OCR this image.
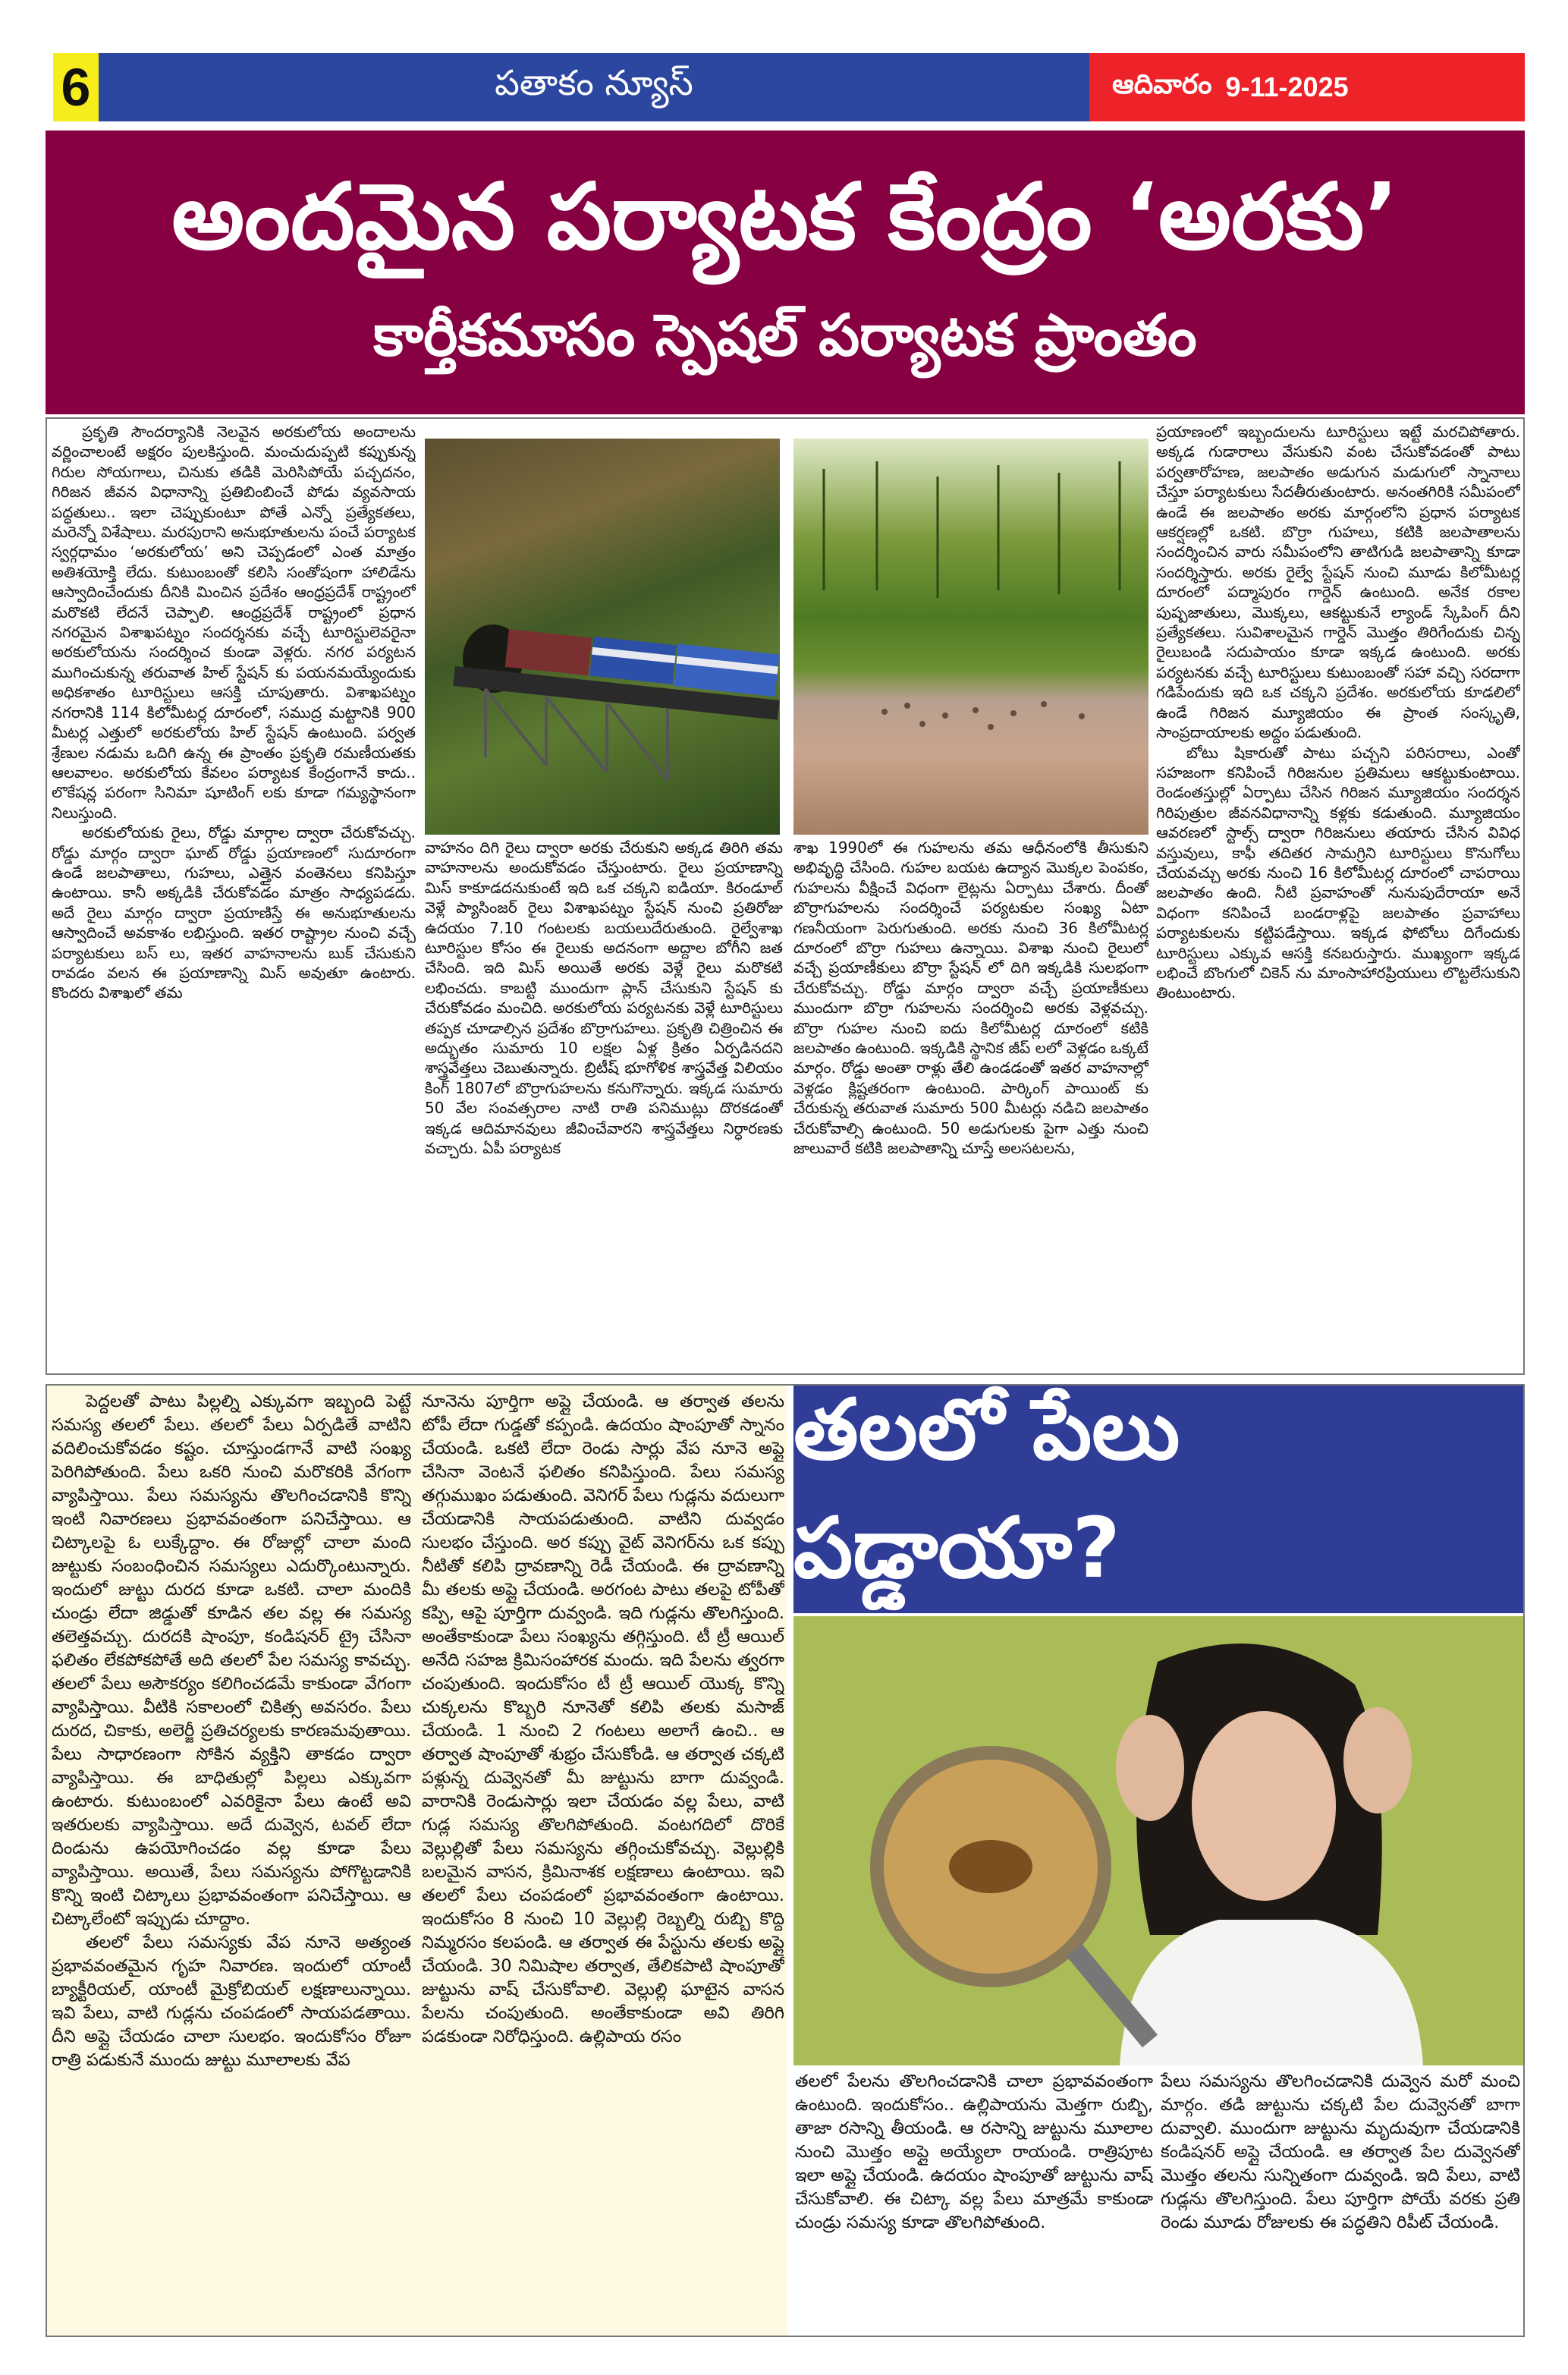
6	పతాకం న్యూస్	ఆదివారం 9-11-2025
అందమైన పర్యాటక కేంద్రం ‘అరకు’
కార్తీకమాసం స్పెషల్ పర్యాటక ప్రాంతం

ప్రకృతి సౌందర్యానికి నెలవైన అరకులోయ అందాలను వర్ణించాలంటే అక్షరం పులకిస్తుంది. మంచుదుప్పటి కప్పుకున్న గిరుల సోయగాలు, చినుకు తడికి మెరిసిపోయే పచ్చదనం, గిరిజన జీవన విధానాన్ని ప్రతిబింబించే పోడు వ్యవసాయ పద్ధతులు.. ఇలా చెప్పుకుంటూ పోతే ఎన్నో ప్రత్యేకతలు, మరెన్నో విశేషాలు. మరపురాని అనుభూతులను పంచే పర్యాటక స్వర్గధామం ‘అరకులోయ’ అని చెప్పడంలో ఎంత మాత్రం అతిశయోక్తి లేదు. కుటుంబంతో కలిసి సంతోషంగా హాలిడేను ఆస్వాదించేందుకు దీనికి మించిన ప్రదేశం ఆంధ్రప్రదేశ్ రాష్ట్రంలో మరొకటి లేదనే చెప్పాలి. ఆంధ్రప్రదేశ్ రాష్ట్రంలో ప్రధాన నగరమైన విశాఖపట్నం సందర్శనకు వచ్చే టూరిస్టులెవరైనా అరకులోయను సందర్శించ కుండా వెళ్లరు. నగర పర్యటన ముగించుకున్న తరువాత హిల్ స్టేషన్ కు పయనమయ్యేందుకు అధికశాతం టూరిస్టులు ఆసక్తి చూపుతారు. విశాఖపట్నం నగరానికి 114 కిలోమీటర్ల దూరంలో, సముద్ర మట్టానికి 900 మీటర్ల ఎత్తులో అరకులోయ హిల్ స్టేషన్ ఉంటుంది. పర్వత శ్రేణుల నడుమ ఒదిగి ఉన్న ఈ ప్రాంతం ప్రకృతి రమణీయతకు ఆలవాలం. అరకులోయ కేవలం పర్యాటక కేంద్రంగానే కాదు.. లొకేషన్ల పరంగా సినిమా షూటింగ్ లకు కూడా గమ్యస్థానంగా నిలుస్తుంది.

అరకులోయకు రైలు, రోడ్డు మార్గాల ద్వారా చేరుకోవచ్చు. రోడ్డు మార్గం ద్వారా ఘాట్ రోడ్డు ప్రయాణంలో సుదూరంగా ఉండే జలపాతాలు, గుహలు, ఎత్తైన వంతెనలు కనిపిస్తూ ఉంటాయి. కానీ అక్కడికి చేరుకోవడం మాత్రం సాధ్యపడదు. అదే రైలు మార్గం ద్వారా ప్రయాణిస్తే ఈ అనుభూతులను ఆస్వాదించే అవకాశం లభిస్తుంది. ఇతర రాష్ట్రాల నుంచి వచ్చే పర్యాటకులు బస్ లు, ఇతర వాహనాలను బుక్ చేసుకుని రావడం వలన ఈ ప్రయాణాన్ని మిస్ అవుతూ ఉంటారు. కొందరు విశాఖలో తమ

వాహనం దిగి రైలు ద్వారా అరకు చేరుకుని అక్కడ తిరిగి తమ వాహనాలను అందుకోవడం చేస్తుంటారు. రైలు ప్రయాణాన్ని మిస్ కాకూడదనుకుంటే ఇది ఒక చక్కని ఐడియా. కిరండూల్ వెళ్లే ప్యాసింజర్ రైలు విశాఖపట్నం స్టేషన్ నుంచి ప్రతిరోజు ఉదయం 7.10 గంటలకు బయలుదేరుతుంది. రైల్వేశాఖ టూరిస్టుల కోసం ఈ రైలుకు అదనంగా అద్దాల బోగీని జత చేసింది. ఇది మిస్ అయితే అరకు వెళ్లే రైలు మరొకటి లభించదు. కాబట్టి ముందుగా ప్లాన్ చేసుకుని స్టేషన్ కు చేరుకోవడం మంచిది. అరకులోయ పర్యటనకు వెళ్లే టూరిస్టులు తప్పక చూడాల్సిన ప్రదేశం బొర్రాగుహలు. ప్రకృతి చిత్రించిన ఈ అద్భుతం సుమారు 10 లక్షల ఏళ్ల క్రితం ఏర్పడినదని శాస్త్రవేత్తలు చెబుతున్నారు. బ్రిటీష్ భూగోళిక శాస్త్రవేత్త విలియం కింగ్ 1807లో బొర్రాగుహలను కనుగొన్నారు. ఇక్కడ సుమారు 50 వేల సంవత్సరాల నాటి రాతి పనిముట్లు దొరకడంతో ఇక్కడ ఆదిమానవులు జీవించేవారని శాస్త్రవేత్తలు నిర్ధారణకు వచ్చారు. ఏపీ పర్యాటక
శాఖ 1990లో ఈ గుహలను తమ ఆధీనంలోకి తీసుకుని అభివృద్ధి చేసింది. గుహల బయట ఉద్యాన మొక్కల పెంపకం, గుహలను వీక్షించే విధంగా లైట్లను ఏర్పాటు చేశారు. దీంతో బొర్రాగుహలను సందర్శించే పర్యటకుల సంఖ్య ఏటా గణనీయంగా పెరుగుతుంది. అరకు నుంచి 36 కిలోమీటర్ల దూరంలో బొర్రా గుహలు ఉన్నాయి. విశాఖ నుంచి రైలులో వచ్చే ప్రయాణీకులు బొర్రా స్టేషన్ లో దిగి ఇక్కడికి సులభంగా చేరుకోవచ్చు. రోడ్డు మార్గం ద్వారా వచ్చే ప్రయాణీకులు ముందుగా బొర్రా గుహలను సందర్శించి అరకు వెళ్లవచ్చు. బొర్రా గుహల నుంచి ఐదు కిలోమీటర్ల దూరంలో కటికి జలపాతం ఉంటుంది. ఇక్కడికి స్థానిక జీప్ లలో వెళ్లడం ఒక్కటే మార్గం. రోడ్డు అంతా రాళ్లు తేలి ఉండడంతో ఇతర వాహనాల్లో వెళ్లడం క్లిష్టతరంగా ఉంటుంది. పార్కింగ్ పాయింట్ కు చేరుకున్న తరువాత సుమారు 500 మీటర్లు నడిచి జలపాతం చేరుకోవాల్సి ఉంటుంది. 50 అడుగులకు పైగా ఎత్తు నుంచి జాలువారే కటికి జలపాతాన్ని చూస్తే అలసటలను,
ప్రయాణంలో ఇబ్బందులను టూరిస్టులు ఇట్టే మరచిపోతారు. అక్కడ గుడారాలు వేసుకుని వంట చేసుకోవడంతో పాటు పర్వతారోహణ, జలపాతం అడుగున మడుగులో స్నానాలు చేస్తూ పర్యాటకులు సేదతీరుతుంటారు. అనంతగిరికి సమీపంలో ఉండే ఈ జలపాతం అరకు మార్గంలోని ప్రధాన పర్యాటక ఆకర్షణల్లో ఒకటి. బొర్రా గుహలు, కటికి జలపాతాలను సందర్శించిన వారు సమీపంలోని తాటిగుడి జలపాతాన్ని కూడా సందర్శిస్తారు. అరకు రైల్వే స్టేషన్ నుంచి మూడు కిలోమీటర్ల దూరంలో పద్మాపురం గార్డెన్ ఉంటుంది. అనేక రకాల పుష్పజాతులు, మొక్కలు, ఆకట్టుకునే ల్యాండ్ స్కేపింగ్ దీని ప్రత్యేకతలు. సువిశాలమైన గార్డెన్ మొత్తం తిరిగేందుకు చిన్న రైలుబండి సదుపాయం కూడా ఇక్కడ ఉంటుంది. అరకు పర్యటనకు వచ్చే టూరిస్టులు కుటుంబంతో సహా వచ్చి సరదాగా గడిపేందుకు ఇది ఒక చక్కని ప్రదేశం. అరకులోయ కూడలిలో ఉండే గిరిజన మ్యూజియం ఈ ప్రాంత సంస్కృతి, సాంప్రదాయాలకు అద్దం పడుతుంది.

బోటు షికారుతో పాటు పచ్చని పరిసరాలు, ఎంతో సహజంగా కనిపించే గిరిజనుల ప్రతిమలు ఆకట్టుకుంటాయి. రెండంతస్తుల్లో ఏర్పాటు చేసిన గిరిజన మ్యూజియం సందర్శన గిరిపుత్రుల జీవనవిధానాన్ని కళ్లకు కడుతుంది. మ్యూజియం ఆవరణలో స్టాల్స్ ద్వారా గిరిజనులు తయారు చేసిన వివిధ వస్తువులు, కాఫీ తదితర సామగ్రిని టూరిస్టులు కొనుగోలు చేయవచ్చు అరకు నుంచి 16 కిలోమీటర్ల దూరంలో చాపరాయి జలపాతం ఉంది. నీటి ప్రవాహంతో నునుపుదేరాయా అనే విధంగా కనిపించే బండరాళ్లపై జలపాతం ప్రవాహాలు పర్యాటకులను కట్టిపడేస్తాయి. ఇక్కడ ఫోటోలు దిగేందుకు టూరిస్టులు ఎక్కువ ఆసక్తి కనబరుస్తారు. ముఖ్యంగా ఇక్కడ లభించే బొంగులో చికెన్ ను మాంసాహారప్రియులు లొట్టలేసుకుని తింటుంటారు.

పెద్దలతో పాటు పిల్లల్ని ఎక్కువగా ఇబ్బంది పెట్టే సమస్య తలలో పేలు. తలలో పేలు ఏర్పడితే వాటిని వదిలించుకోవడం కష్టం. చూస్తుండగానే వాటి సంఖ్య పెరిగిపోతుంది. పేలు ఒకరి నుంచి మరొకరికి వేగంగా వ్యాపిస్తాయి. పేలు సమస్యను తొలగించడానికి కొన్ని ఇంటి నివారణలు ప్రభావవంతంగా పనిచేస్తాయి. ఆ చిట్కాలపై ఓ లుక్కేద్దాం. ఈ రోజుల్లో చాలా మంది జుట్టుకు సంబంధించిన సమస్యలు ఎదుర్కొంటున్నారు. ఇందులో జుట్టు దురద కూడా ఒకటి. చాలా మందికి చుండ్రు లేదా జిడ్డుతో కూడిన తల వల్ల ఈ సమస్య తలెత్తవచ్చు. దురదకి షాంపూ, కండిషనర్ ట్రై చేసినా ఫలితం లేకపోకపోతే అది తలలో పేల సమస్య కావచ్చు. తలలో పేలు అసౌకర్యం కలిగించడమే కాకుండా వేగంగా వ్యాపిస్తాయి. వీటికి సకాలంలో చికిత్స అవసరం. పేలు దురద, చికాకు, అలెర్జీ ప్రతిచర్యలకు కారణమవుతాయి. పేలు సాధారణంగా సోకిన వ్యక్తిని తాకడం ద్వారా వ్యాపిస్తాయి. ఈ బాధితుల్లో పిల్లలు ఎక్కువగా ఉంటారు. కుటుంబంలో ఎవరికైనా పేలు ఉంటే అవి ఇతరులకు వ్యాపిస్తాయి. అదే దువ్వెన, టవల్ లేదా దిండును ఉపయోగించడం వల్ల కూడా పేలు వ్యాపిస్తాయి. అయితే, పేలు సమస్యను పోగొట్టడానికి కొన్ని ఇంటి చిట్కాలు ప్రభావవంతంగా పనిచేస్తాయి. ఆ చిట్కాలేంటో ఇప్పుడు చూద్దాం.

తలలో పేలు సమస్యకు వేప నూనె అత్యంత ప్రభావవంతమైన గృహ నివారణ. ఇందులో యాంటీ బ్యాక్టీరియల్, యాంటీ మైక్రోబియల్ లక్షణాలున్నాయి. ఇవి పేలు, వాటి గుడ్లను చంపడంలో సాయపడతాయి. దీని అప్లై చేయడం చాలా సులభం. ఇందుకోసం రోజూ రాత్రి పడుకునే ముందు జుట్టు మూలాలకు వేప

నూనెను పూర్తిగా అప్లై చేయండి. ఆ తర్వాత తలను టోపీ లేదా గుడ్డతో కప్పండి. ఉదయం షాంపూతో స్నానం చేయండి. ఒకటి లేదా రెండు సార్లు వేప నూనె అప్లై చేసినా వెంటనే ఫలితం కనిపిస్తుంది. పేలు సమస్య తగ్గుముఖం పడుతుంది. వెనిగర్ పేలు గుడ్లను వదులుగా చేయడానికి సాయపడుతుంది. వాటిని దువ్వడం సులభం చేస్తుంది. అర కప్పు వైట్ వెనిగర్‌ను ఒక కప్పు నీటితో కలిపి ద్రావణాన్ని రెడీ చేయండి. ఈ ద్రావణాన్ని మీ తలకు అప్లై చేయండి. అరగంట పాటు తలపై టోపీతో కప్పి, ఆపై పూర్తిగా దువ్వండి. ఇది గుడ్లను తొలగిస్తుంది. అంతేకాకుండా పేలు సంఖ్యను తగ్గిస్తుంది. టీ ట్రీ ఆయిల్ అనేది సహజ క్రిమిసంహారక మందు. ఇది పేలను త్వరగా చంపుతుంది. ఇందుకోసం టీ ట్రీ ఆయిల్ యొక్క కొన్ని చుక్కలను కొబ్బరి నూనెతో కలిపి తలకు మసాజ్ చేయండి. 1 నుంచి 2 గంటలు అలాగే ఉంచి.. ఆ తర్వాత షాంపూతో శుభ్రం చేసుకోండి. ఆ తర్వాత చక్కటి పళ్లున్న దువ్వెనతో మీ జుట్టును బాగా దువ్వండి. వారానికి రెండుసార్లు ఇలా చేయడం వల్ల పేలు, వాటి గుడ్ల సమస్య తొలగిపోతుంది. వంటగదిలో దొరికే వెల్లుల్లితో పేలు సమస్యను తగ్గించుకోవచ్చు. వెల్లుల్లికి బలమైన వాసన, క్రిమినాశక లక్షణాలు ఉంటాయి. ఇవి తలలో పేలు చంపడంలో ప్రభావవంతంగా ఉంటాయి. ఇందుకోసం 8 నుంచి 10 వెల్లుల్లి రెబ్బల్ని రుబ్బి కొద్ది నిమ్మరసం కలపండి. ఆ తర్వాత ఈ పేస్టును తలకు అప్లై చేయండి. 30 నిమిషాల తర్వాత, తేలికపాటి షాంపూతో జుట్టును వాష్ చేసుకోవాలి. వెల్లుల్లి ఘాటైన వాసన పేలను చంపుతుంది. అంతేకాకుండా అవి తిరిగి పడకుండా నిరోధిస్తుంది. ఉల్లిపాయ రసం
తలలో పేలు పడ్డాయా?
తలలో పేలను తొలగించడానికి చాలా ప్రభావవంతంగా ఉంటుంది. ఇందుకోసం.. ఉల్లిపాయను మెత్తగా రుబ్బి, తాజా రసాన్ని తీయండి. ఆ రసాన్ని జుట్టును మూలాల నుంచి మొత్తం అప్లై అయ్యేలా రాయండి. రాత్రిపూట ఇలా అప్లై చేయండి. ఉదయం షాంపూతో జుట్టును వాష్ చేసుకోవాలి. ఈ చిట్కా వల్ల పేలు మాత్రమే కాకుండా చుండ్రు సమస్య కూడా తొలగిపోతుంది.
పేలు సమస్యను తొలగించడానికి దువ్వెన మరో మంచి మార్గం. తడి జుట్టును చక్కటి పేల దువ్వెనతో బాగా దువ్వాలి. ముందుగా జుట్టును మృదువుగా చేయడానికి కండిషనర్ అప్లై చేయండి. ఆ తర్వాత పేల దువ్వెనతో మొత్తం తలను సున్నితంగా దువ్వండి. ఇది పేలు, వాటి గుడ్లను తొలగిస్తుంది. పేలు పూర్తిగా పోయే వరకు ప్రతి రెండు మూడు రోజులకు ఈ పద్ధతిని రిపీట్ చేయండి.
